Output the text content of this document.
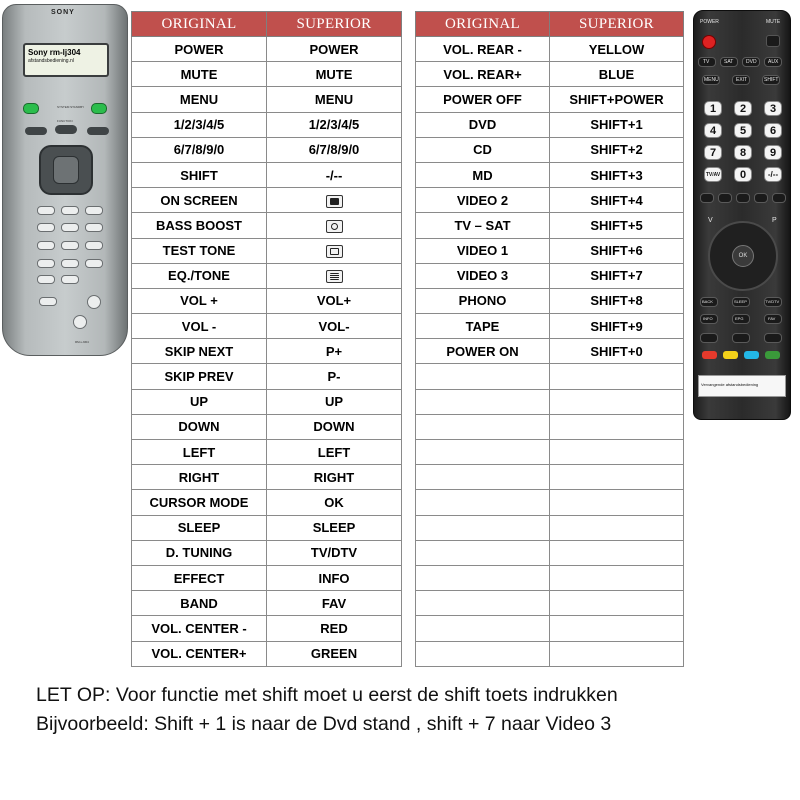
SONY
Sony rm-lj304
afstandsbediening.nl
SYSTEM STANDBY
FUNCTION
RM-LJ304
ORIGINAL	SUPERIOR
POWER	POWER
MUTE	MUTE
MENU	MENU
1/2/3/4/5	1/2/3/4/5
6/7/8/9/0	6/7/8/9/0
SHIFT	-/--
ON SCREEN	

BASS BOOST	

TEST TONE	

EQ./TONE	

VOL +	VOL+
VOL -	VOL-
SKIP NEXT	P+
SKIP PREV	P-
UP	UP
DOWN	DOWN
LEFT	LEFT
RIGHT	RIGHT
CURSOR MODE	OK
SLEEP	SLEEP
D. TUNING	TV/DTV
EFFECT	INFO
BAND	FAV
VOL. CENTER -	RED
VOL. CENTER+	GREEN
ORIGINAL	SUPERIOR
VOL. REAR -	YELLOW
VOL. REAR+	BLUE
POWER OFF	SHIFT+POWER
DVD	SHIFT+1
CD	SHIFT+2
MD	SHIFT+3
VIDEO 2	SHIFT+4
TV – SAT	SHIFT+5
VIDEO 1	SHIFT+6
VIDEO 3	SHIFT+7
PHONO	SHIFT+8
TAPE	SHIFT+9
POWER ON	SHIFT+0

POWER	MUTE
TV	SAT	DVD AUX
MENU	EXIT	SHIFT
1	2	3
4	5	6
7	8	9
TV/AV	0	-/--
OK
V	P
BACK	SLEEP	TV/DTV
INFO	EPG	FAV
Vervangende afstandsbediening
LET OP: Voor functie met shift moet u eerst de shift toets indrukken
Bijvoorbeeld: Shift + 1 is naar de Dvd stand , shift + 7 naar Video 3
